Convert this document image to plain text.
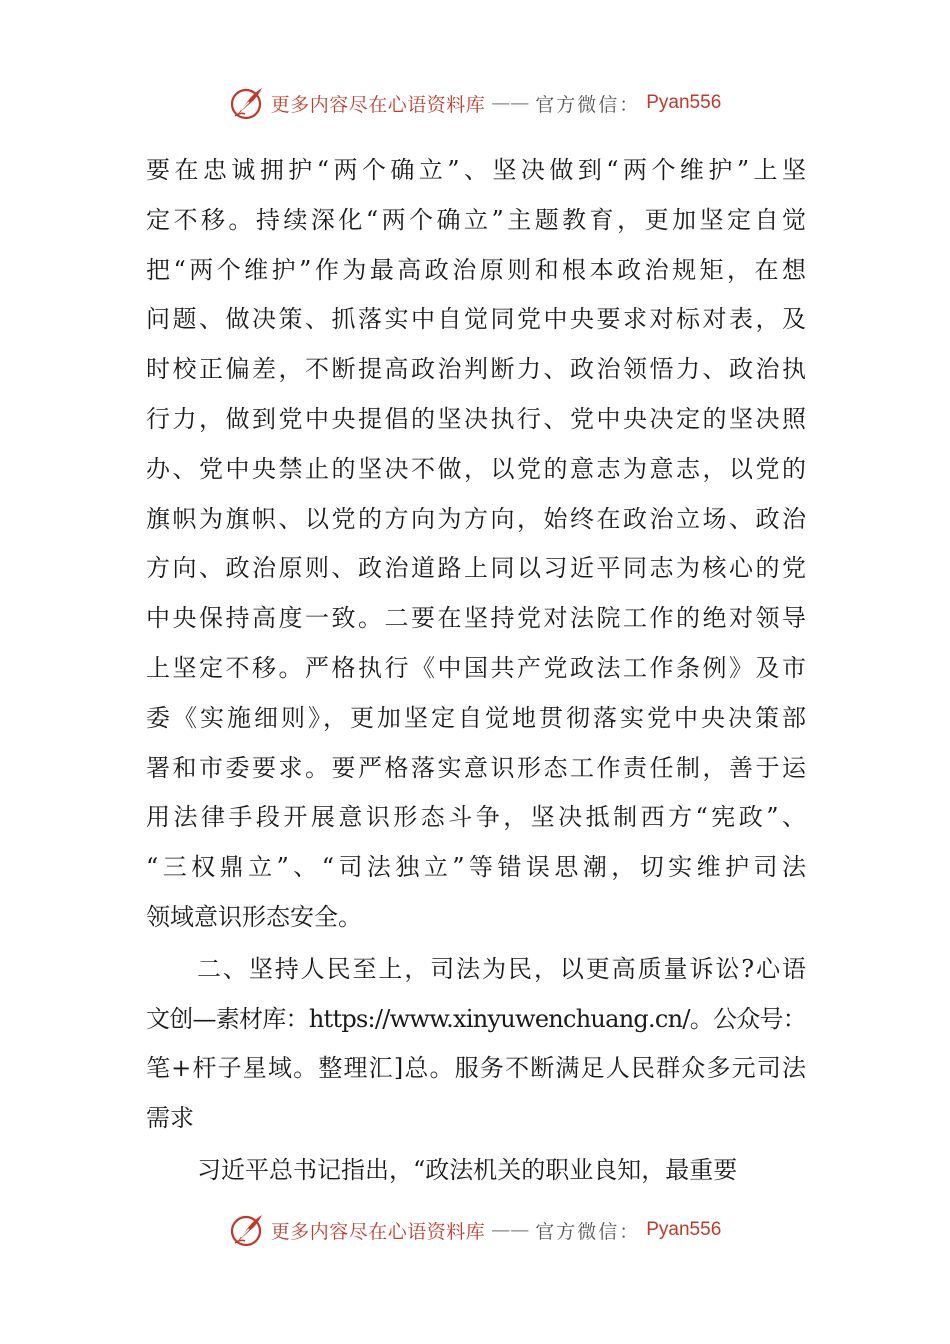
更多内容尽在心语资料库 —— 官方微信： Pyan556
要在忠诚拥护“两个确立”、坚决做到“两个维护”上坚
定不移。持续深化“两个确立”主题教育，更加坚定自觉
把“两个维护”作为最高政治原则和根本政治规矩，在想
问题、做决策、抓落实中自觉同党中央要求对标对表，及
时校正偏差，不断提高政治判断力、政治领悟力、政治执
行力，做到党中央提倡的坚决执行、党中央决定的坚决照
办、党中央禁止的坚决不做，以党的意志为意志，以党的
旗帜为旗帜、以党的方向为方向，始终在政治立场、政治
方向、政治原则、政治道路上同以习近平同志为核心的党
中央保持高度一致。二要在坚持党对法院工作的绝对领导
上坚定不移。严格执行《中国共产党政法工作条例》及市
委《实施细则》，更加坚定自觉地贯彻落实党中央决策部
署和市委要求。要严格落实意识形态工作责任制，善于运
用法律手段开展意识形态斗争，坚决抵制西方“宪政”、
“三权鼎立”、“司法独立”等错误思潮，切实维护司法
领域意识形态安全。
二、坚持人民至上，司法为民，以更高质量诉讼?心语
文创—素材库：https://www.xinyuwenchuang.cn/。公众号：
笔+杆子星域。整理汇]总。服务不断满足人民群众多元司法
需求
习近平总书记指出，“政法机关的职业良知，最重要
更多内容尽在心语资料库 —— 官方微信： Pyan556
